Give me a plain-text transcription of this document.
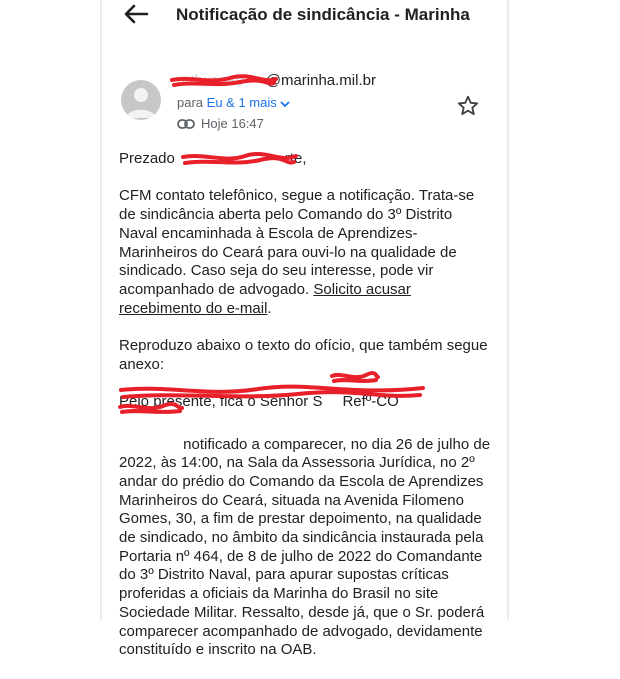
Notificação de sindicância - Marinha
arthur.sab @marinha.mil.br
para Eu & 1 mais
Hoje 16:47

Prezado	rte,

CFM contato telefônico, segue a notificação. Trata-se de sindicância aberta pelo Comando do 3º Distrito Naval encaminhada à Escola de Aprendizes-Marinheiros do Ceará para ouvi-lo na qualidade de sindicado. Caso seja do seu interesse, pode vir acompanhado de advogado. Solicito acusar recebimento do e-mail.

Reproduzo abaixo o texto do ofício, que também segue anexo:

Pelo presente, fica o Senhor S Refº-CO

notificado a comparecer, no dia 26 de julho de 2022, às 14:00, na Sala da Assessoria Jurídica, no 2º andar do prédio do Comando da Escola de Aprendizes Marinheiros do Ceará, situada na Avenida Filomeno Gomes, 30, a fim de prestar depoimento, na qualidade de sindicado, no âmbito da sindicância instaurada pela Portaria nº 464, de 8 de julho de 2022 do Comandante do 3º Distrito Naval, para apurar supostas críticas proferidas a oficiais da Marinha do Brasil no site Sociedade Militar. Ressalto, desde já, que o Sr. poderá comparecer acompanhado de advogado, devidamente constituído e inscrito na OAB.
